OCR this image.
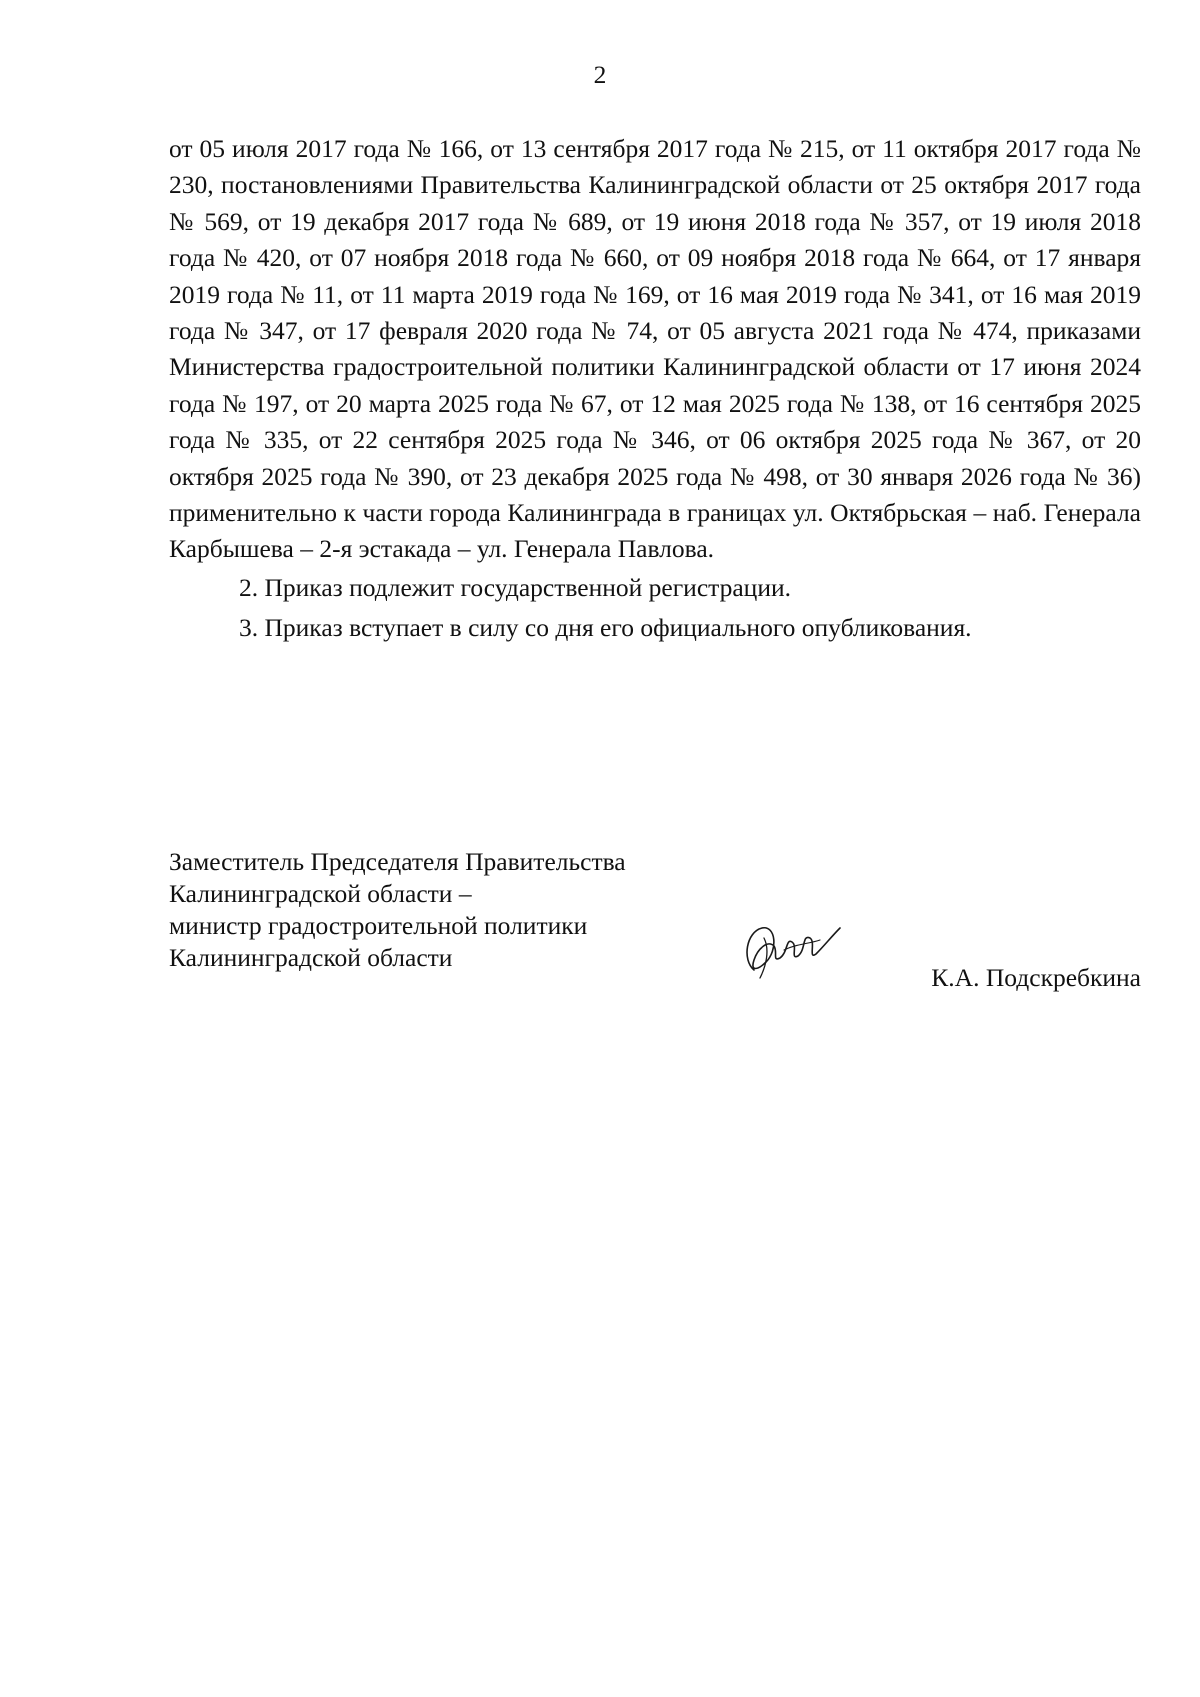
2

от 05 июля 2017 года № 166, от 13 сентября 2017 года № 215, от 11 октября 2017 года № 230, постановлениями Правительства Калининградской области от 25 октября 2017 года № 569, от 19 декабря 2017 года № 689, от 19 июня 2018 года № 357, от 19 июля 2018 года № 420, от 07 ноября 2018 года № 660, от 09 ноября 2018 года № 664, от 17 января 2019 года № 11, от 11 марта 2019 года № 169, от 16 мая 2019 года № 341, от 16 мая 2019 года № 347, от 17 февраля 2020 года № 74, от 05 августа 2021 года № 474, приказами Министерства градостроительной политики Калининградской области от 17 июня 2024 года № 197, от 20 марта 2025 года № 67, от 12 мая 2025 года № 138, от 16 сентября 2025 года № 335, от 22 сентября 2025 года № 346, от 06 октября 2025 года № 367, от 20 октября 2025 года № 390, от 23 декабря 2025 года № 498, от 30 января 2026 года № 36) применительно к части города Калининграда в границах ул. Октябрьская – наб. Генерала Карбышева – 2-я эстакада – ул. Генерала Павлова.

2. Приказ подлежит государственной регистрации.

3. Приказ вступает в силу со дня его официального опубликования.

Заместитель Председателя Правительства
Калининградской области –
министр градостроительной политики
Калининградской области
К.А. Подскребкина
